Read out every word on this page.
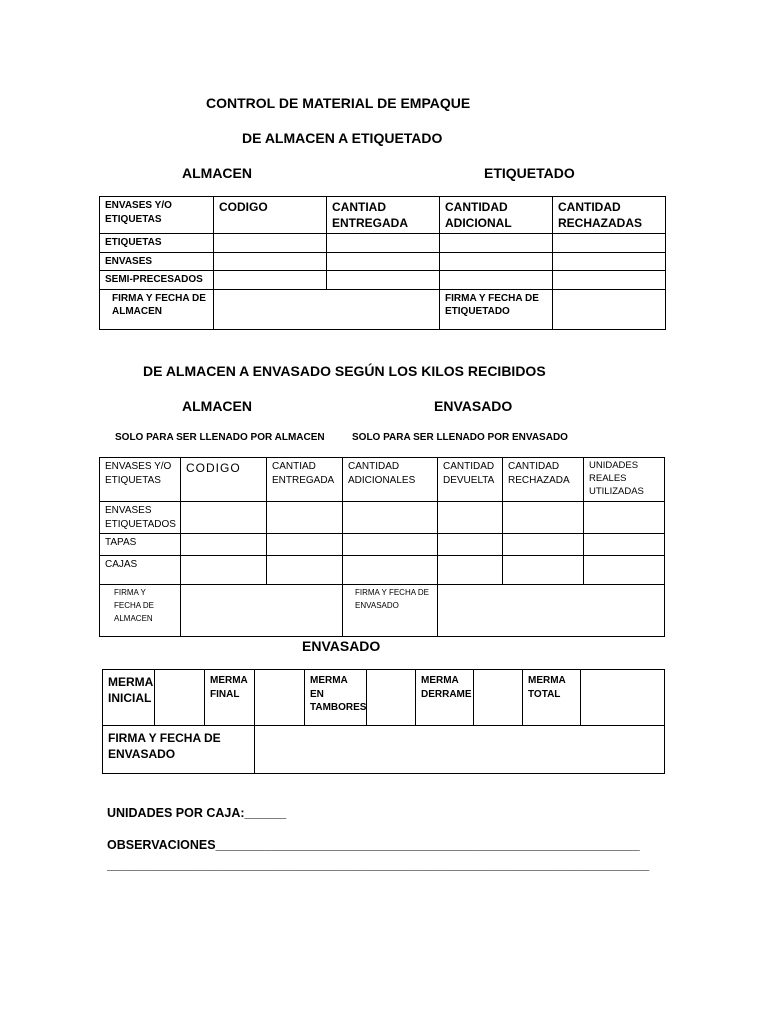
CONTROL DE MATERIAL DE EMPAQUE
DE ALMACEN A ETIQUETADO
ALMACEN	ETIQUETADO
ENVASES Y/O ETIQUETAS	CODIGO	CANTIAD ENTREGADA	CANTIDAD ADICIONAL	CANTIDAD RECHAZADAS
ETIQUETAS				
ENVASES				
SEMI-PRECESADOS				
FIRMA Y FECHA DE ALMACEN			FIRMA Y FECHA DE ETIQUETADO	
DE ALMACEN A ENVASADO SEGÚN LOS KILOS RECIBIDOS
ALMACEN	ENVASADO
SOLO PARA SER LLENADO POR ALMACEN	SOLO PARA SER LLENADO POR ENVASADO
ENVASES Y/O ETIQUETAS	CODIGO	CANTIAD ENTREGADA	CANTIDAD ADICIONALES	CANTIDAD DEVUELTA	CANTIDAD RECHAZADA	UNIDADES REALES UTILIZADAS
ENVASES ETIQUETADOS						
TAPAS						
CAJAS						
FIRMA Y FECHA DE ALMACEN			FIRMA Y FECHA DE ENVASADO			
ENVASADO
MERMA INICIAL		MERMA FINAL		MERMA EN TAMBORES		MERMA DERRAME		MERMA TOTAL	
FIRMA Y FECHA DE ENVASADO									
UNIDADES POR CAJA:______
OBSERVACIONES_____________________________________________________________
______________________________________________________________________________
